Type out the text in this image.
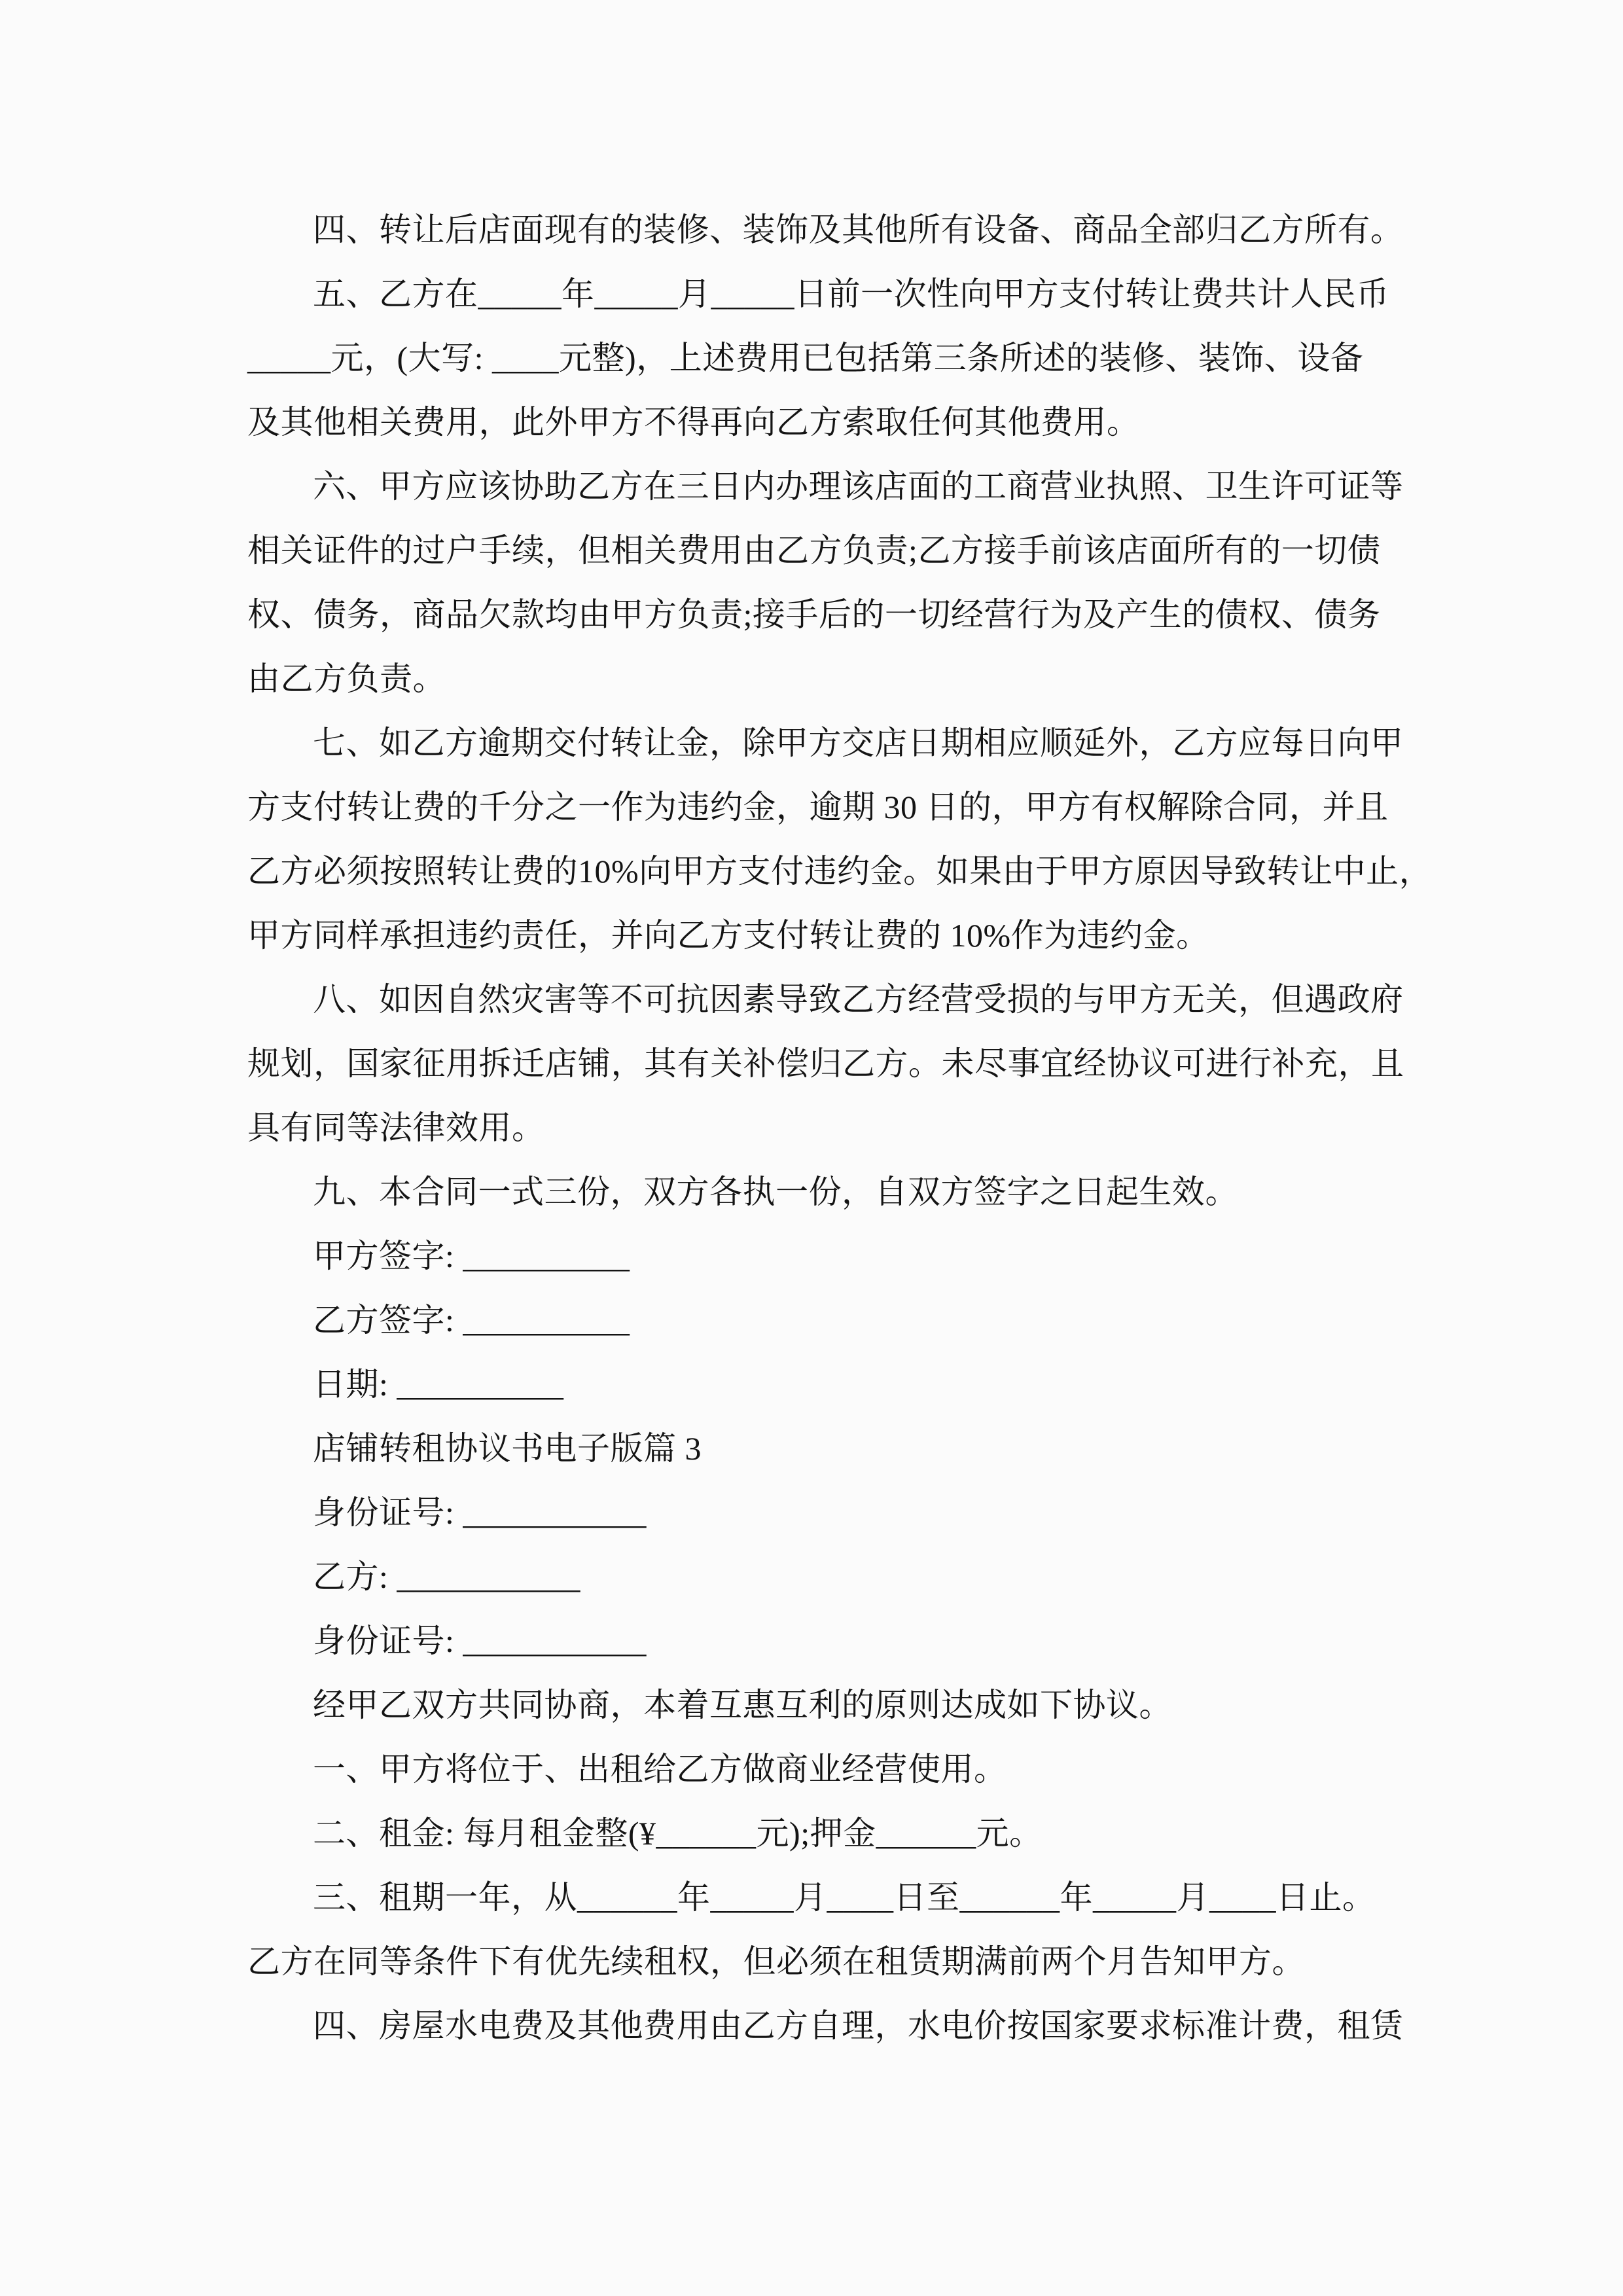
四、转让后店面现有的装修、装饰及其他所有设备、商品全部归乙方所有。
五、乙方在_____年_____月_____日前一次性向甲方支付转让费共计人民币
_____元，(大写: ____元整)，上述费用已包括第三条所述的装修、装饰、设备
及其他相关费用，此外甲方不得再向乙方索取任何其他费用。
六、甲方应该协助乙方在三日内办理该店面的工商营业执照、卫生许可证等
相关证件的过户手续，但相关费用由乙方负责;乙方接手前该店面所有的一切债
权、债务，商品欠款均由甲方负责;接手后的一切经营行为及产生的债权、债务
由乙方负责。
七、如乙方逾期交付转让金，除甲方交店日期相应顺延外，乙方应每日向甲
方支付转让费的千分之一作为违约金，逾期 30 日的，甲方有权解除合同，并且
乙方必须按照转让费的10%向甲方支付违约金。如果由于甲方原因导致转让中止，
甲方同样承担违约责任，并向乙方支付转让费的 10%作为违约金。
八、如因自然灾害等不可抗因素导致乙方经营受损的与甲方无关，但遇政府
规划，国家征用拆迁店铺，其有关补偿归乙方。未尽事宜经协议可进行补充，且
具有同等法律效用。
九、本合同一式三份，双方各执一份，自双方签字之日起生效。
甲方签字: __________
乙方签字: __________
日期: __________
店铺转租协议书电子版篇 3
身份证号: ___________
乙方: ___________
身份证号: ___________
经甲乙双方共同协商，本着互惠互利的原则达成如下协议。
一、甲方将位于、出租给乙方做商业经营使用。
二、租金: 每月租金整(¥______元);押金______元。
三、租期一年，从______年_____月____日至______年_____月____日止。
乙方在同等条件下有优先续租权，但必须在租赁期满前两个月告知甲方。
四、房屋水电费及其他费用由乙方自理，水电价按国家要求标准计费，租赁
